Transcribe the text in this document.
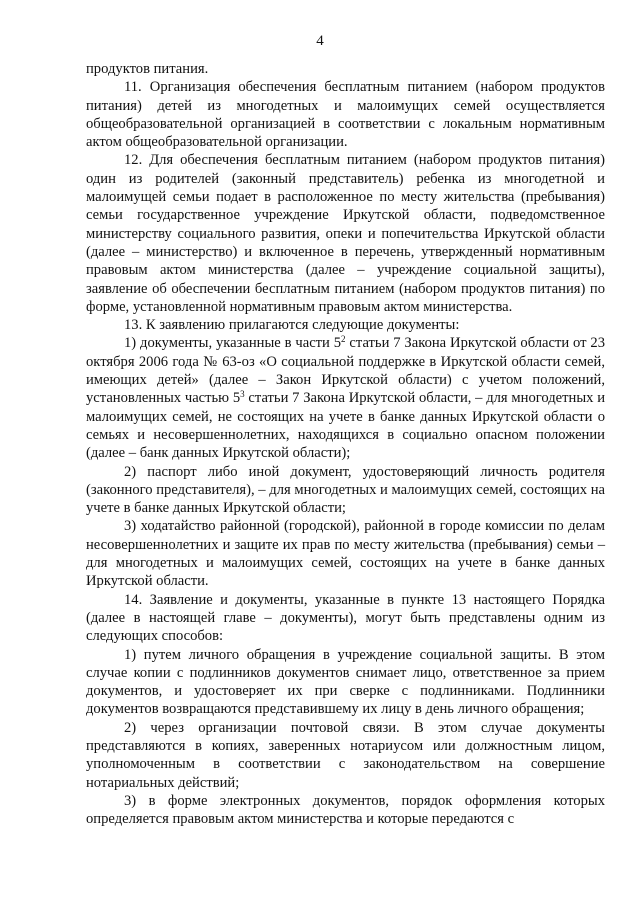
4

продуктов питания.

11. Организация обеспечения бесплатным питанием (набором продуктов питания) детей из многодетных и малоимущих семей осуществляется общеобразовательной организацией в соответствии с локальным нормативным актом общеобразовательной организации.

12. Для обеспечения бесплатным питанием (набором продуктов питания) один из родителей (законный представитель) ребенка из многодетной и малоимущей семьи подает в расположенное по месту жительства (пребывания) семьи государственное учреждение Иркутской области, подведомственное министерству социального развития, опеки и попечительства Иркутской области (далее – министерство) и включенное в перечень, утвержденный нормативным правовым актом министерства (далее – учреждение социальной защиты), заявление об обеспечении бесплатным питанием (набором продуктов питания) по форме, установленной нормативным правовым актом министерства.

13. К заявлению прилагаются следующие документы:

1) документы, указанные в части $5^2$ статьи 7 Закона Иркутской области от 23 октября 2006 года № 63-оз «О социальной поддержке в Иркутской области семей, имеющих детей» (далее – Закон Иркутской области) с учетом положений, установленных частью $5^3$ статьи 7 Закона Иркутской области, – для многодетных и малоимущих семей, не состоящих на учете в банке данных Иркутской области о семьях и несовершеннолетних, находящихся в социально опасном положении (далее – банк данных Иркутской области);

2) паспорт либо иной документ, удостоверяющий личность родителя (законного представителя), – для многодетных и малоимущих семей, состоящих на учете в банке данных Иркутской области;

3) ходатайство районной (городской), районной в городе комиссии по делам несовершеннолетних и защите их прав по месту жительства (пребывания) семьи – для многодетных и малоимущих семей, состоящих на учете в банке данных Иркутской области.

14. Заявление и документы, указанные в пункте 13 настоящего Порядка (далее в настоящей главе – документы), могут быть представлены одним из следующих способов:

1) путем личного обращения в учреждение социальной защиты. В этом случае копии с подлинников документов снимает лицо, ответственное за прием документов, и удостоверяет их при сверке с подлинниками. Подлинники документов возвращаются представившему их лицу в день личного обращения;

2) через организации почтовой связи. В этом случае документы представляются в копиях, заверенных нотариусом или должностным лицом, уполномоченным в соответствии с законодательством на совершение нотариальных действий;

3) в форме электронных документов, порядок оформления которых определяется правовым актом министерства и которые передаются с
